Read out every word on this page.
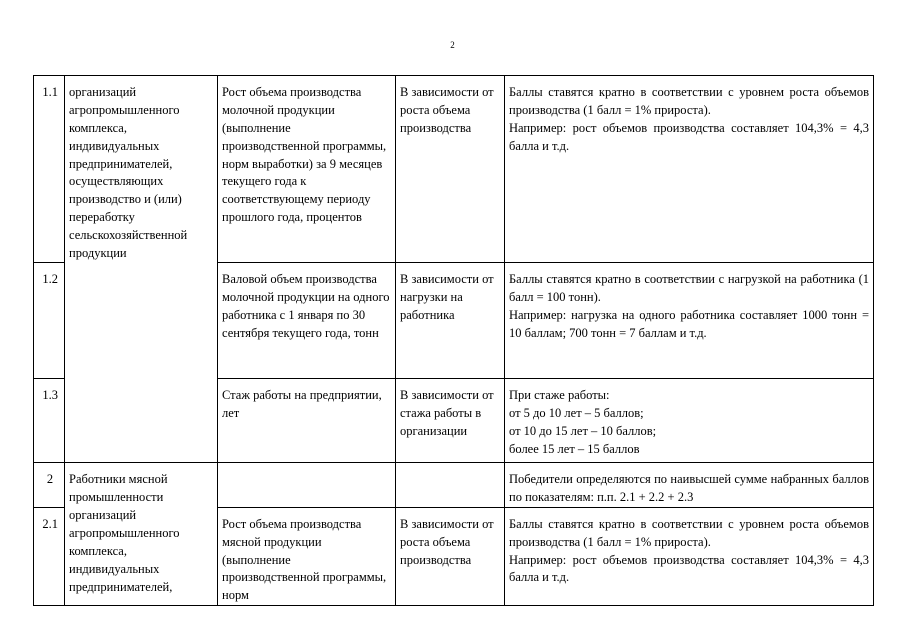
2
1.1	организаций агропромышленного комплекса, индивидуальных предпринимателей, осуществляющих производство и (или) переработку сельскохозяйственной продукции	Рост объема производства молочной продукции (выполнение производственной программы, норм выработки) за 9 месяцев текущего года к соответствующему периоду прошлого года, процентов	В зависимости от роста объема производства	Баллы ставятся кратно в соответствии с уровнем роста объемов производства (1 балл = 1% прироста).
Например: рост объемов производства составляет 104,3% = 4,3 балла и т.д.

1.2		Валовой объем производства молочной продукции на одного работника с 1 января по 30 сентября текущего года, тонн	В зависимости от нагрузки на работника	Баллы ставятся кратно в соответствии с нагрузкой на работника (1 балл = 100 тонн).
Например: нагрузка на одного работника составляет 1000 тонн = 10 баллам; 700 тонн = 7 баллам и т.д.

1.3		Стаж работы на предприятии, лет	В зависимости от стажа работы в организации	При стаже работы:
от 5 до 10 лет – 5 баллов;
от 10 до 15 лет – 10 баллов;
более 15 лет – 15 баллов

2	Работники мясной промышленности			Победители определяются по наивысшей сумме набранных баллов по показателям: п.п. 2.1 + 2.2 + 2.3
2.1	организаций агропромышленного комплекса, индивидуальных предпринимателей,	Рост объема производства мясной продукции (выполнение производственной программы, норм	В зависимости от роста объема производства	Баллы ставятся кратно в соответствии с уровнем роста объемов производства (1 балл = 1% прироста).
Например: рост объемов производства составляет 104,3% = 4,3 балла и т.д.
